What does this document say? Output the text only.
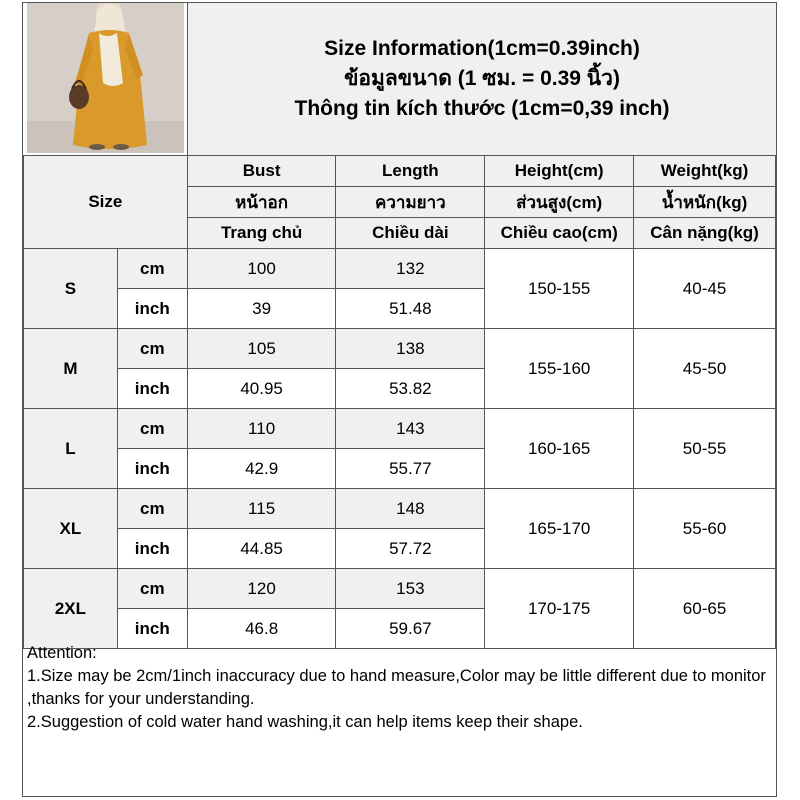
Size Information(1cm=0.39inch)
ข้อมูลขนาด (1 ซม. = 0.39 นิ้ว)
Thông tin kích thước (1cm=0,39 inch)
Size		Bust	Length	Height(cm)	Weight(kg)
		หน้าอก	ความยาว	ส่วนสูง(cm)	น้ำหนัก(kg)
		Trang chủ	Chiều dài	Chiều cao(cm)	Cân nặng(kg)
S	cm	100	132	150-155	40-45
	inch	39	51.48		
M	cm	105	138	155-160	45-50
	inch	40.95	53.82		
L	cm	110	143	160-165	50-55
	inch	42.9	55.77		
XL	cm	115	148	165-170	55-60
	inch	44.85	57.72		
2XL	cm	120	153	170-175	60-65
	inch	46.8	59.67		
Attention:
1.Size may be 2cm/1inch inaccuracy due to hand measure,Color may be little different due to monitor ,thanks for your understanding.
2.Suggestion of cold water hand washing,it can help items keep their shape.
